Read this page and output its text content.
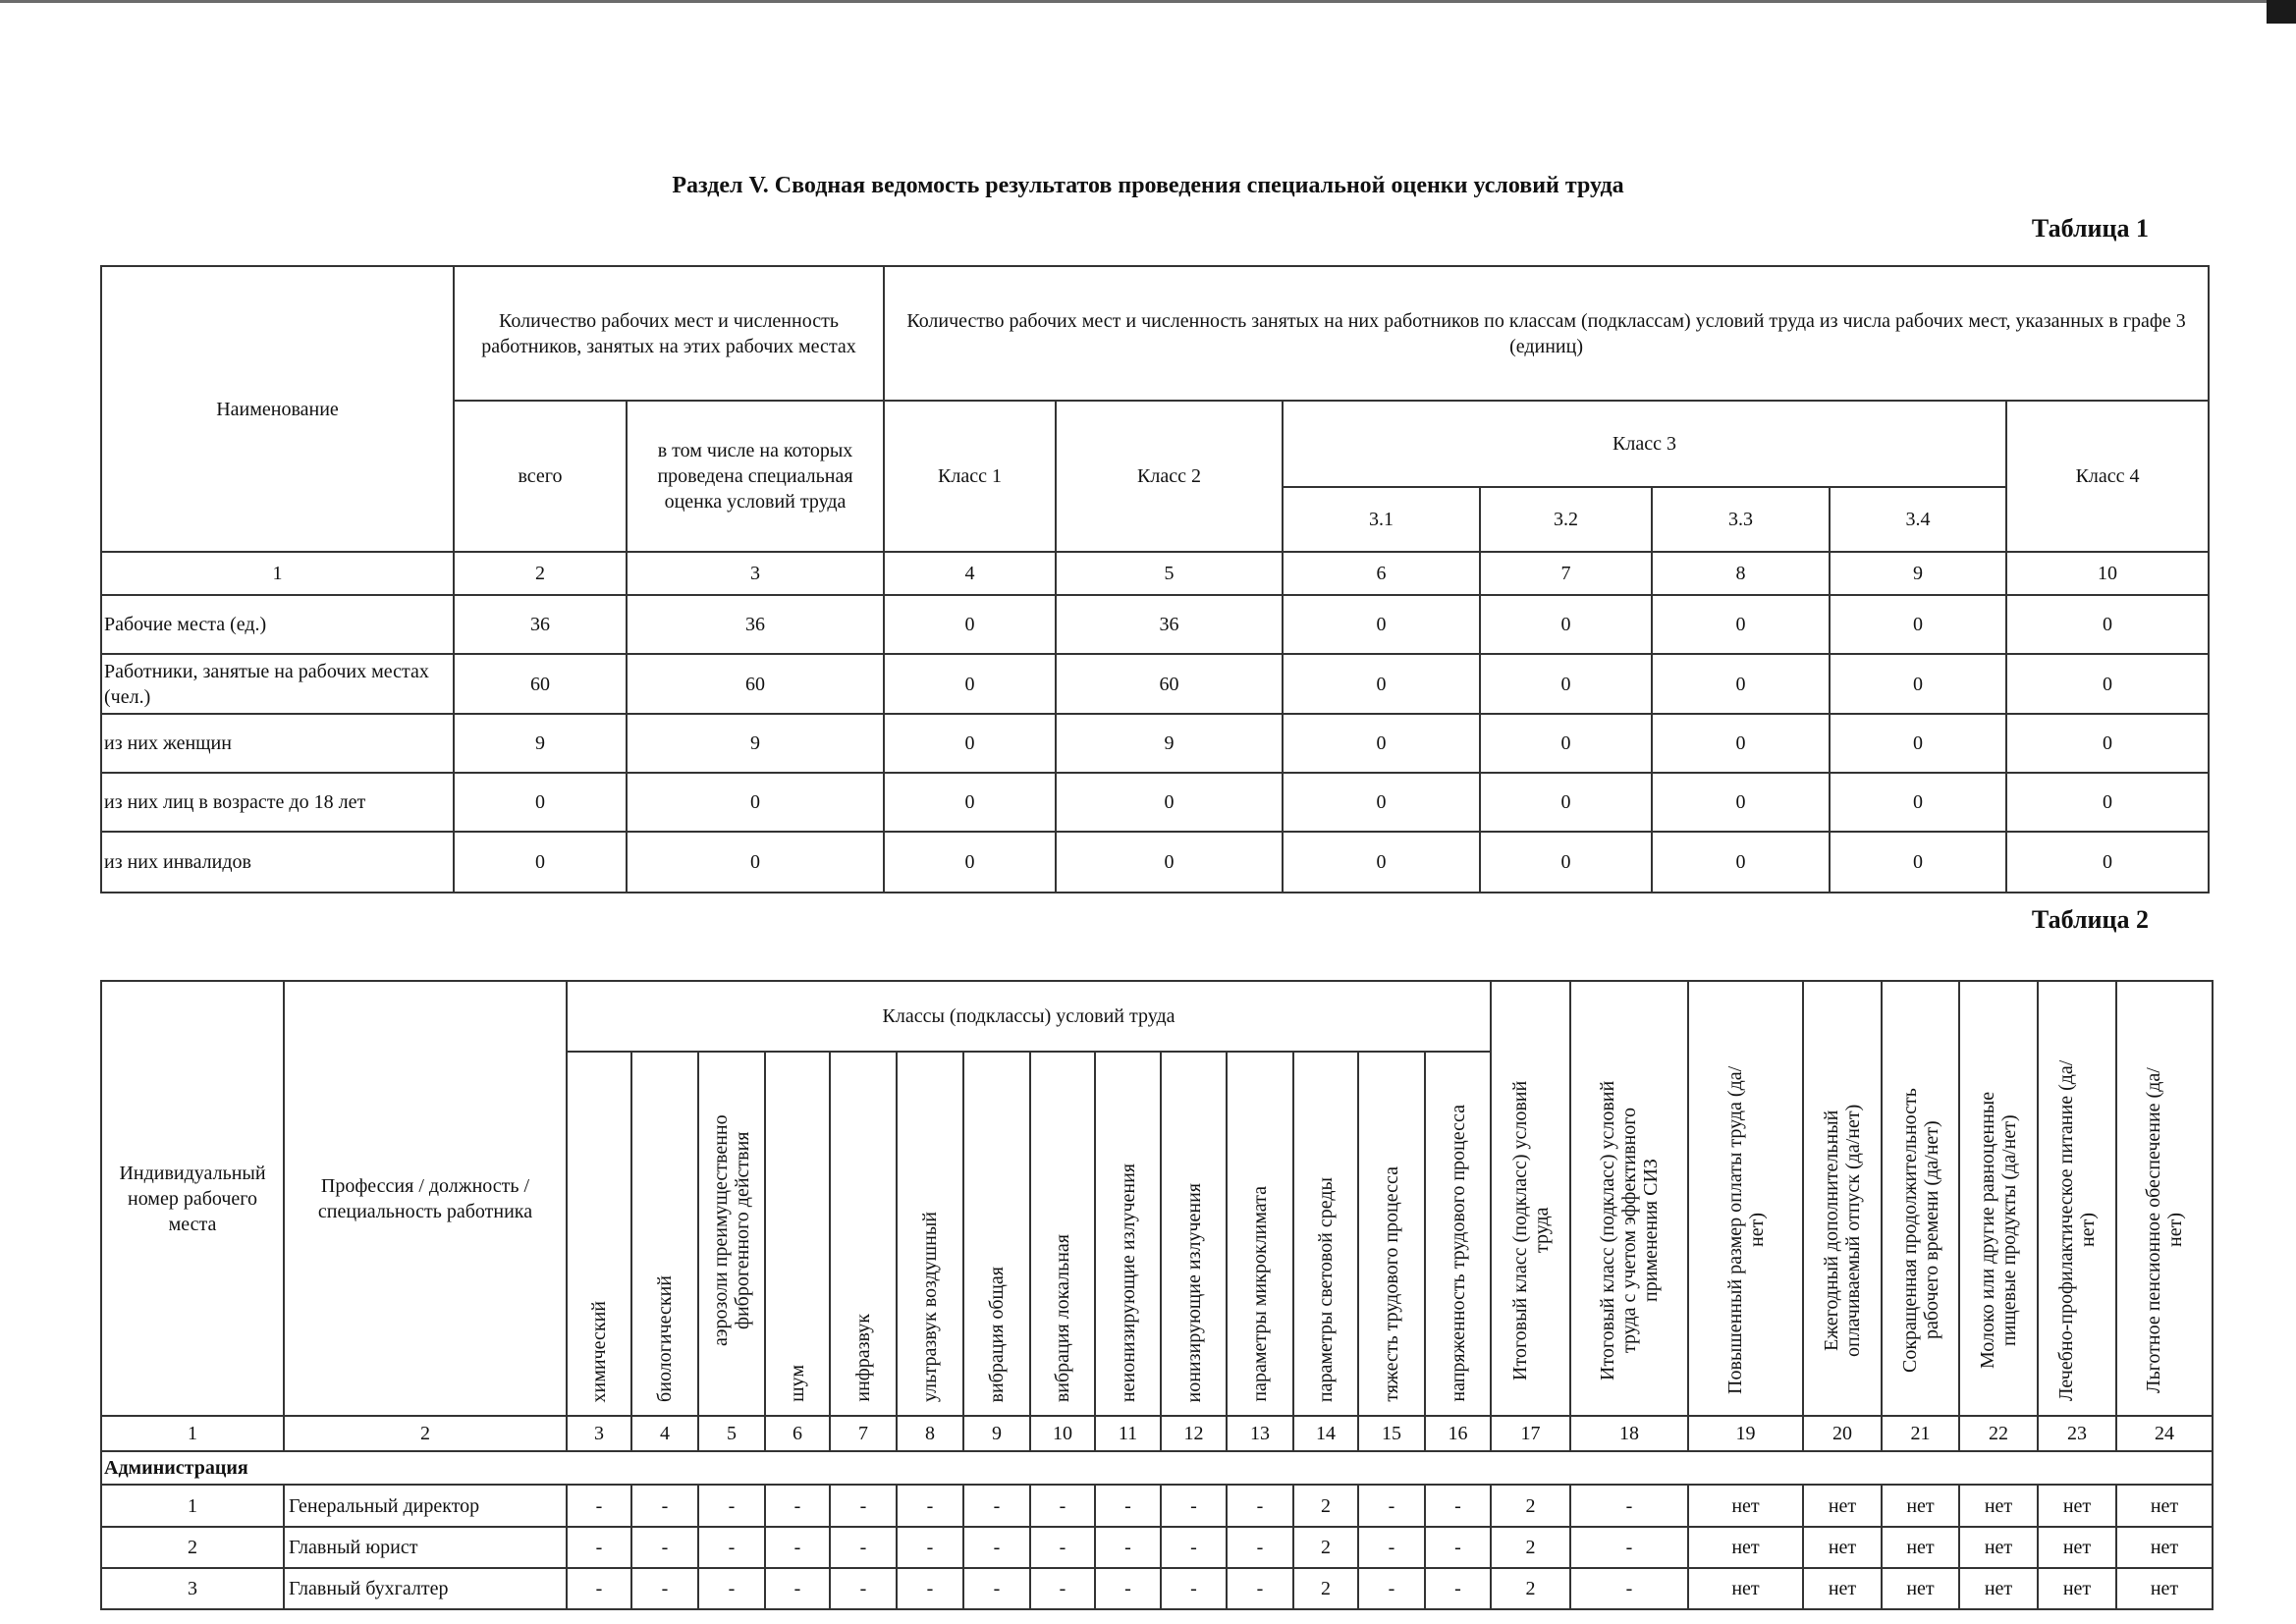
Раздел V. Сводная ведомость результатов проведения специальной оценки условий труда
Таблица 1
Наименование	Количество рабочих мест и численность работников, занятых на этих рабочих местах		Количество рабочих мест и численность занятых на них работников по классам (подклассам) условий труда из числа рабочих мест, указанных в графе 3 (единиц)						
	всего	в том числе на которых проведена специальная оценка условий труда	Класс 1	Класс 2	Класс 3				Класс 4
					3.1	3.2	3.3	3.4	
1	2	3	4	5	6	7	8	9	10
Рабочие места (ед.)	36	36	0	36	0	0	0	0	0
Работники, занятые на рабочих местах (чел.)	60	60	0	60	0	0	0	0	0
из них женщин	9	9	0	9	0	0	0	0	0
из них лиц в возрасте до 18 лет	0	0	0	0	0	0	0	0	0
из них инвалидов	0	0	0	0	0	0	0	0	0
Таблица 2
Индивидуальный номер рабочего места	Профессия / должность / специальность работника	Классы (подклассы) условий труда														Итоговый класс (подкласс) условий труда	Итоговый класс (подкласс) условий труда с учетом эффективного применения СИЗ	Повышенный размер оплаты труда (да/нет)	Ежегодный дополнительный оплачиваемый отпуск (да/нет)	Сокращенная продолжительность рабочего времени (да/нет)	Молоко или другие равноценные пищевые продукты (да/нет)	Лечебно-профилактическое питание (да/нет)	Льготное пенсионное обеспечение (да/нет)
		химический	биологический	аэрозоли преимущественно фиброгенного действия	шум	инфразвук	ультразвук воздушный	вибрация общая	вибрация локальная	неионизирующие излучения	ионизирующие излучения	параметры микроклимата	параметры световой среды	тяжесть трудового процесса	напряженность трудового процесса								
1	2	3	4	5	6	7	8	9	10	11	12	13	14	15	16	17	18	19	20	21	22	23	24
Администрация																							
1	Генеральный директор	-	-	-	-	-	-	-	-	-	-	-	2	-	-	2	-	нет	нет	нет	нет	нет	нет
2	Главный юрист	-	-	-	-	-	-	-	-	-	-	-	2	-	-	2	-	нет	нет	нет	нет	нет	нет
3	Главный бухгалтер	-	-	-	-	-	-	-	-	-	-	-	2	-	-	2	-	нет	нет	нет	нет	нет	нет
